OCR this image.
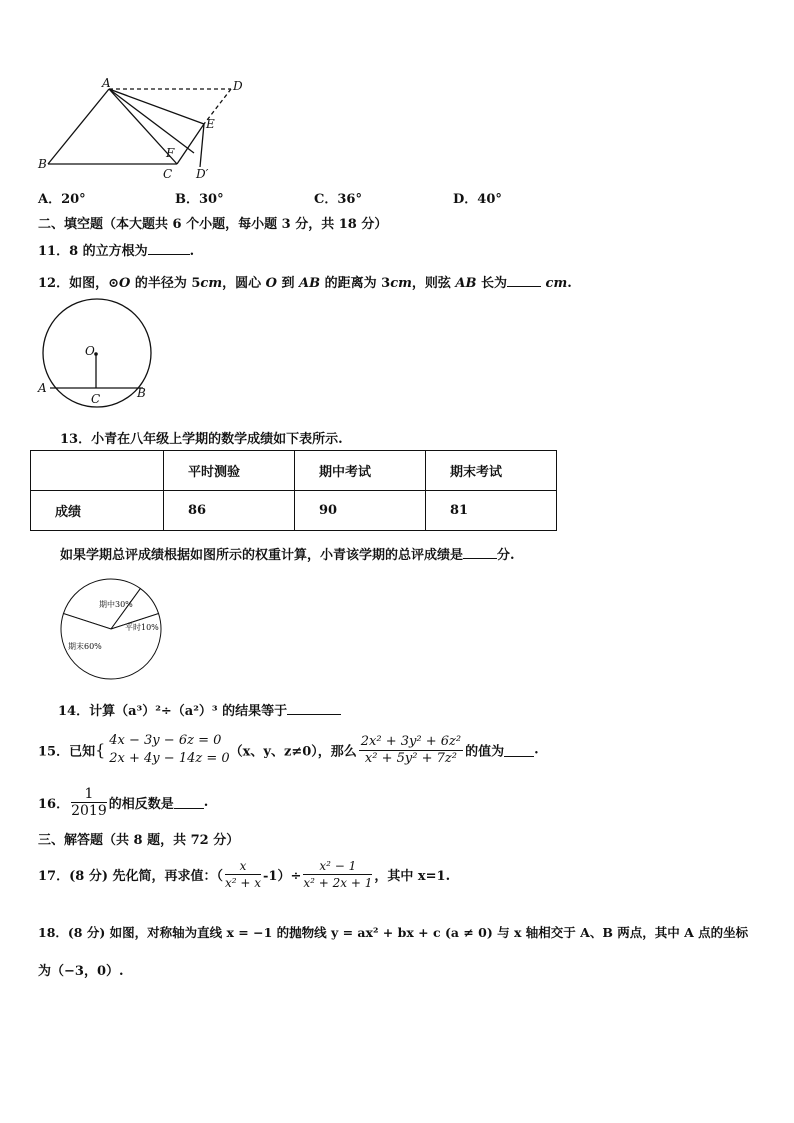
A	D
E
B
F
C D′
A．20°	B．30°	C．36°	D．40°
二、填空题（本大题共 6 个小题，每小题 3 分，共 18 分）
11．8 的立方根为	.
12．如图，⊙O 的半径为 5cm，圆心 O 到 AB 的距离为 3cm，则弦 AB 长为	cm.
O
A
C	B
13．小青在八年级上学期的数学成绩如下表所示.
	平时测验	期中考试	期末考试
成绩	86	90	81
如果学期总评成绩根据如图所示的权重计算，小青该学期的总评成绩是	分.
期中30%
平时10%
期末60%
14．计算（a³）²÷（a²）³ 的结果等于
15．已知{ 4x − 3y − 6z = 0
2x + 4y − 14z = 0 （x、y、z≠0），那么 $\frac{\text{2x² + 3y² + 6z²}}{\text{x² + 5y² + 7z²}}$ 的值为 .
16． $\frac{1}{2019}$ 的相反数是 .
三、解答题（共 8 题，共 72 分）
17．(8 分) 先化简，再求值：（ $\frac{x}{\text{x² + x}} -1)\div \frac{\text{x² − 1}}{\text{x² + 2x + 1}}$ ，其中 x=1.
18．(8 分) 如图，对称轴为直线 x = −1 的抛物线 y = ax² + bx + c (a ≠ 0) 与 x 轴相交于 A、B 两点，其中 A 点的坐标
为（−3，0）.
